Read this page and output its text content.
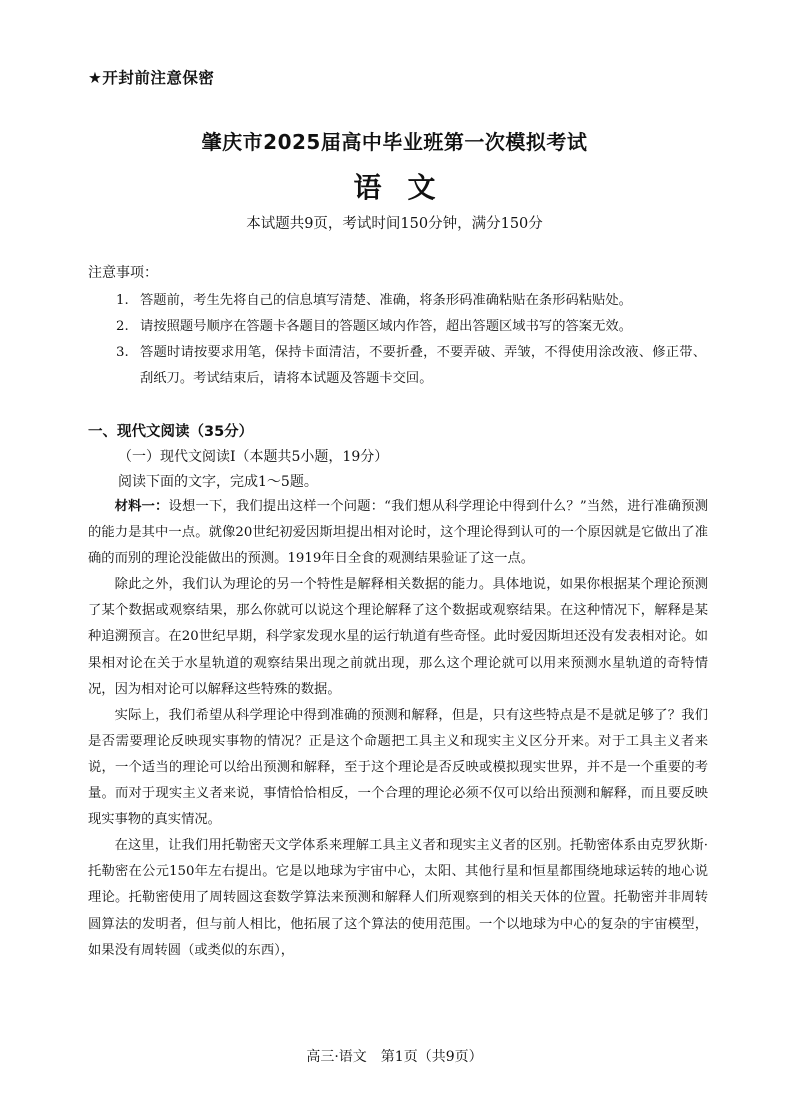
★开封前注意保密
肇庆市2025届高中毕业班第一次模拟考试
语文
本试题共9页，考试时间150分钟，满分150分
注意事项：
1. 答题前，考生先将自己的信息填写清楚、准确，将条形码准确粘贴在条形码粘贴处。
2. 请按照题号顺序在答题卡各题目的答题区域内作答，超出答题区域书写的答案无效。
3. 答题时请按要求用笔，保持卡面清洁，不要折叠，不要弄破、弄皱，不得使用涂改液、修正带、刮纸刀。考试结束后，请将本试题及答题卡交回。
一、现代文阅读（35分）
（一）现代文阅读Ⅰ（本题共5小题，19分）
阅读下面的文字，完成1～5题。

材料一：设想一下，我们提出这样一个问题：“我们想从科学理论中得到什么？”当然，进行准确预测的能力是其中一点。就像20世纪初爱因斯坦提出相对论时，这个理论得到认可的一个原因就是它做出了准确的而别的理论没能做出的预测。1919年日全食的观测结果验证了这一点。

除此之外，我们认为理论的另一个特性是解释相关数据的能力。具体地说，如果你根据某个理论预测了某个数据或观察结果，那么你就可以说这个理论解释了这个数据或观察结果。在这种情况下，解释是某种追溯预言。在20世纪早期，科学家发现水星的运行轨道有些奇怪。此时爱因斯坦还没有发表相对论。如果相对论在关于水星轨道的观察结果出现之前就出现，那么这个理论就可以用来预测水星轨道的奇特情况，因为相对论可以解释这些特殊的数据。

实际上，我们希望从科学理论中得到准确的预测和解释，但是，只有这些特点是不是就足够了？我们是否需要理论反映现实事物的情况？正是这个命题把工具主义和现实主义区分开来。对于工具主义者来说，一个适当的理论可以给出预测和解释，至于这个理论是否反映或模拟现实世界，并不是一个重要的考量。而对于现实主义者来说，事情恰恰相反，一个合理的理论必须不仅可以给出预测和解释，而且要反映现实事物的真实情况。

在这里，让我们用托勒密天文学体系来理解工具主义者和现实主义者的区别。托勒密体系由克罗狄斯·托勒密在公元150年左右提出。它是以地球为宇宙中心，太阳、其他行星和恒星都围绕地球运转的地心说理论。托勒密使用了周转圆这套数学算法来预测和解释人们所观察到的相关天体的位置。托勒密并非周转圆算法的发明者，但与前人相比，他拓展了这个算法的使用范围。一个以地球为中心的复杂的宇宙模型，如果没有周转圆（或类似的东西），

高三·语文　第1页（共9页）
